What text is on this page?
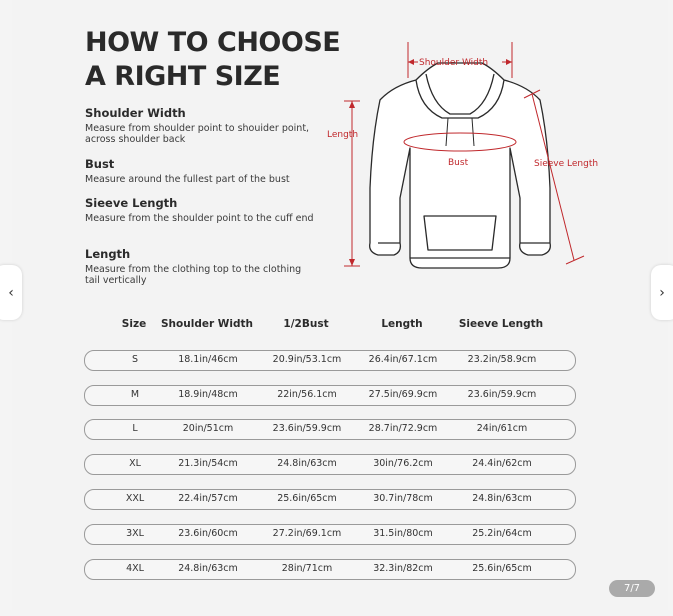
HOW TO CHOOSE
A RIGHT SIZE
Shoulder Width
Measure from shoulder point to shouider point, across shoulder back
Bust
Measure around the fullest part of the bust
Sieeve Length
Measure from the shoulder point to the cuff end
Length
Measure from the clothing top to the clothing tail vertically
Shoulder Width
Length
Bust	Sieeve Length
‹	›
Size	Shoulder Width	1/2Bust	Length	Sieeve Length
S	18.1in/46cm	20.9in/53.1cm	26.4in/67.1cm	23.2in/58.9cm
M	18.9in/48cm	22in/56.1cm	27.5in/69.9cm	23.6in/59.9cm
L	20in/51cm	23.6in/59.9cm	28.7in/72.9cm	24in/61cm
XL	21.3in/54cm	24.8in/63cm	30in/76.2cm	24.4in/62cm
XXL	22.4in/57cm	25.6in/65cm	30.7in/78cm	24.8in/63cm
3XL	23.6in/60cm	27.2in/69.1cm	31.5in/80cm	25.2in/64cm
4XL	24.8in/63cm	28in/71cm	32.3in/82cm	25.6in/65cm
7/7
